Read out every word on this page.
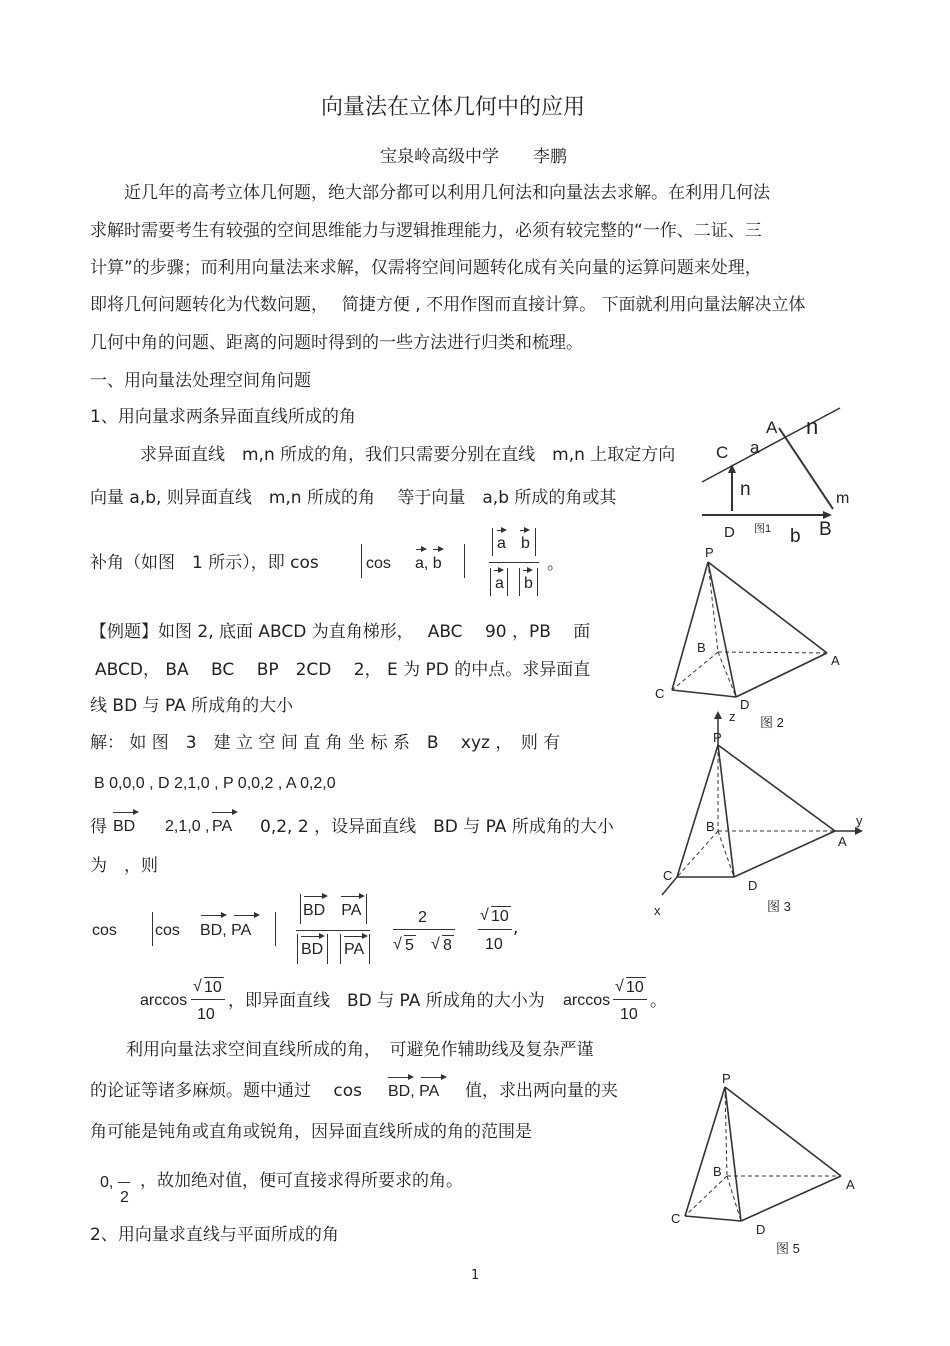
向量法在立体几何中的应用
宝泉岭高级中学　　李鹏
近几年的高考立体几何题，绝大部分都可以利用几何法和向量法去求解。在利用几何法
求解时需要考生有较强的空间思维能力与逻辑推理能力，必须有较完整的“一作、二证、三
计算”的步骤；而利用向量法来求解，仅需将空间问题转化成有关向量的运算问题来处理，
即将几何问题转化为代数问题，　 简捷方便 , 不用作图而直接计算。 下面就利用向量法解决立体
几何中角的问题、距离的问题时得到的一些方法进行归类和梳理。
一、用向量法处理空间角问题
1、用向量求两条异面直线所成的角
求异面直线　m,n 所成的角，我们只需要分别在直线　m,n 上取定方向
向量 a,b, 则异面直线　m,n 所成的角　 等于向量　a,b 所成的角或其
补角（如图　1 所示），即 cos	cos a, b
a b
a b
。
【例题】如图 2, 底面 ABCD 为直角梯形，　 ABC　 90 ，PB　 面
ABCD， BA　 BC　 BP　2CD　 2， E 为 PD 的中点。求异面直
线 BD 与 PA 所成角的大小
解： 如 图　3　建 立 空 间 直 角 坐 标 系　B　 xyz ，　则 有
B 0,0,0 , D 2,1,0 , P 0,0,2 , A 0,2,0
得 BD 2,1,0 , PA 0,2, 2 ，设异面直线　BD 与 PA 所成角的大小
为　，则
cos cos BD, PA
BD　PA
BD PA
2
√ 5 √ 8
√ 10
10
,
arccos
√ 10
10
，即异面直线　BD 与 PA 所成角的大小为 arccos
√ 10
10
。
利用向量法求空间直线所成的角，　可避免作辅助线及复杂严谨
的论证等诸多麻烦。题中通过　 cos BD, PA 值，求出两向量的夹
角可能是钝角或直角或锐角，因异面直线所成的角的范围是
0,
2
，故加绝对值，便可直接求得所要求的角。
2、用向量求直线与平面所成的角
1
A n
C a
n	m
D 图1 b B
P
B
A
C
D
图 2
z
P
y
B
A
C
D
图 3
x
P
B
A
C
D
图 5
